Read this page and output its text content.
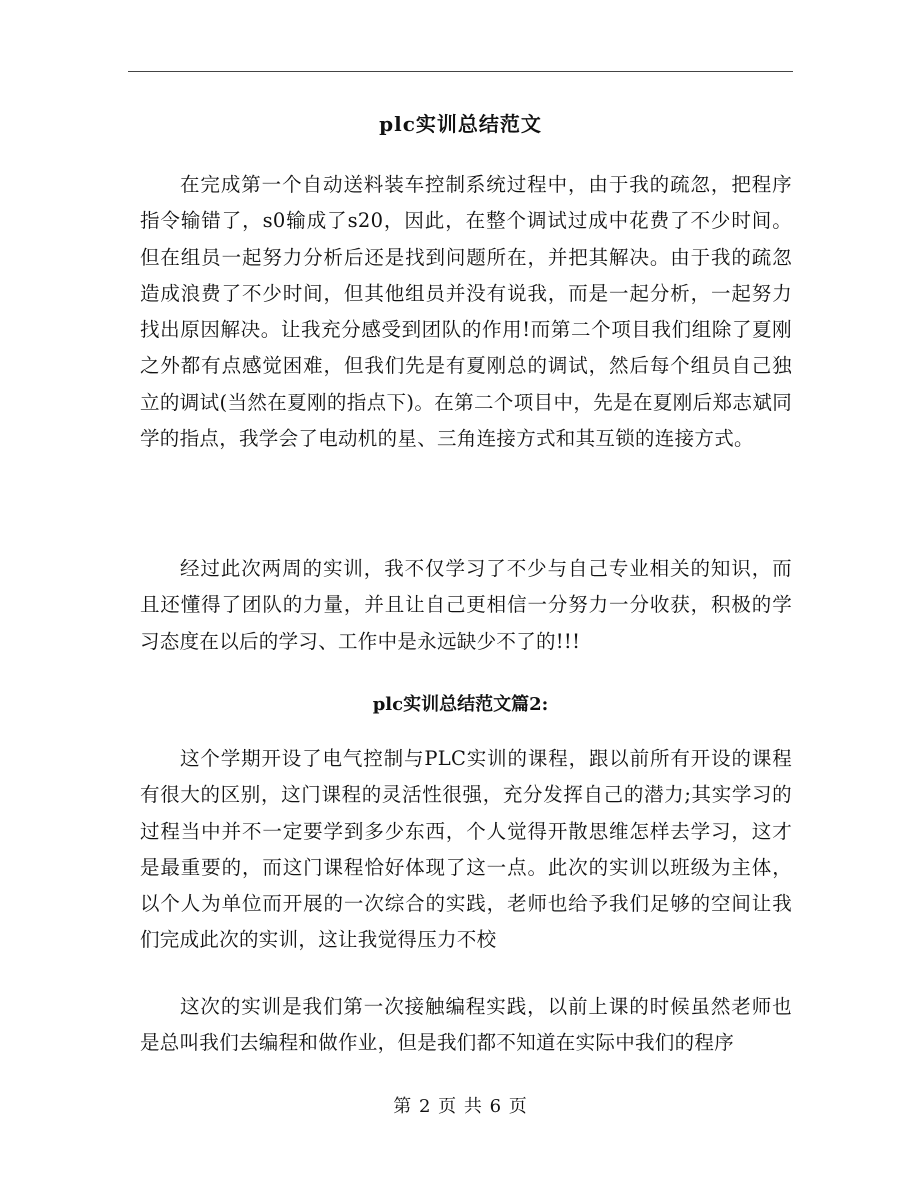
plc实训总结范文

在完成第一个自动送料装车控制系统过程中，由于我的疏忽，把程序指令输错了，s0输成了s20，因此，在整个调试过成中花费了不少时间。但在组员一起努力分析后还是找到问题所在，并把其解决。由于我的疏忽造成浪费了不少时间，但其他组员并没有说我，而是一起分析，一起努力找出原因解决。让我充分感受到团队的作用!而第二个项目我们组除了夏刚之外都有点感觉困难，但我们先是有夏刚总的调试，然后每个组员自己独立的调试(当然在夏刚的指点下)。在第二个项目中，先是在夏刚后郑志斌同学的指点，我学会了电动机的星、三角连接方式和其互锁的连接方式。

经过此次两周的实训，我不仅学习了不少与自己专业相关的知识，而且还懂得了团队的力量，并且让自己更相信一分努力一分收获，积极的学习态度在以后的学习、工作中是永远缺少不了的!!!

plc实训总结范文篇2:

这个学期开设了电气控制与PLC实训的课程，跟以前所有开设的课程有很大的区别，这门课程的灵活性很强，充分发挥自己的潜力;其实学习的过程当中并不一定要学到多少东西，个人觉得开散思维怎样去学习，这才是最重要的，而这门课程恰好体现了这一点。此次的实训以班级为主体，以个人为单位而开展的一次综合的实践，老师也给予我们足够的空间让我们完成此次的实训，这让我觉得压力不校

这次的实训是我们第一次接触编程实践，以前上课的时候虽然老师也是总叫我们去编程和做作业，但是我们都不知道在实际中我们的程序

第 2 页 共 6 页
